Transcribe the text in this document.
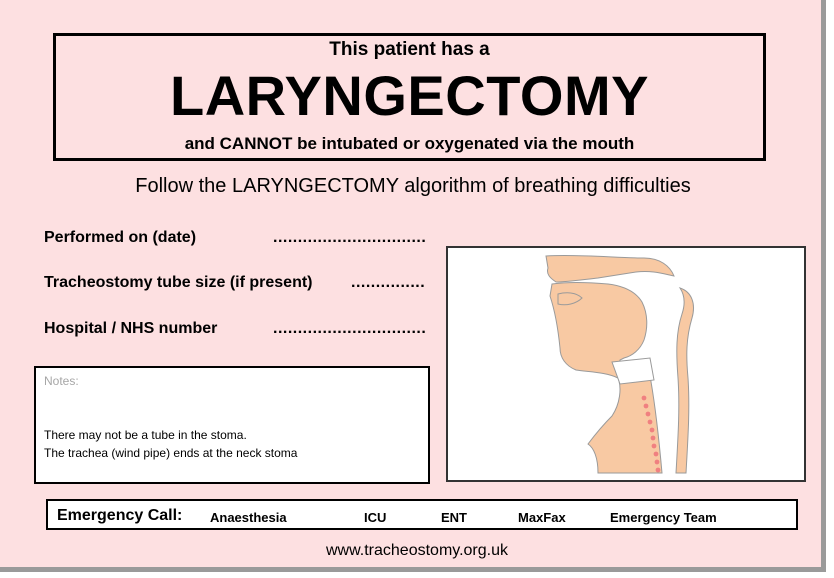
This patient has a
LARYNGECTOMY
and CANNOT be intubated or oxygenated via the mouth
Follow the LARYNGECTOMY algorithm of breathing difficulties
Performed on (date)	...............................
Tracheostomy tube size (if present) ...............
Hospital / NHS number	...............................
Notes:
There may not be a tube in the stoma.
The trachea (wind pipe) ends at the neck stoma
Emergency Call: Anaesthesia	ICU	ENT	MaxFax	Emergency Team
www.tracheostomy.org.uk
